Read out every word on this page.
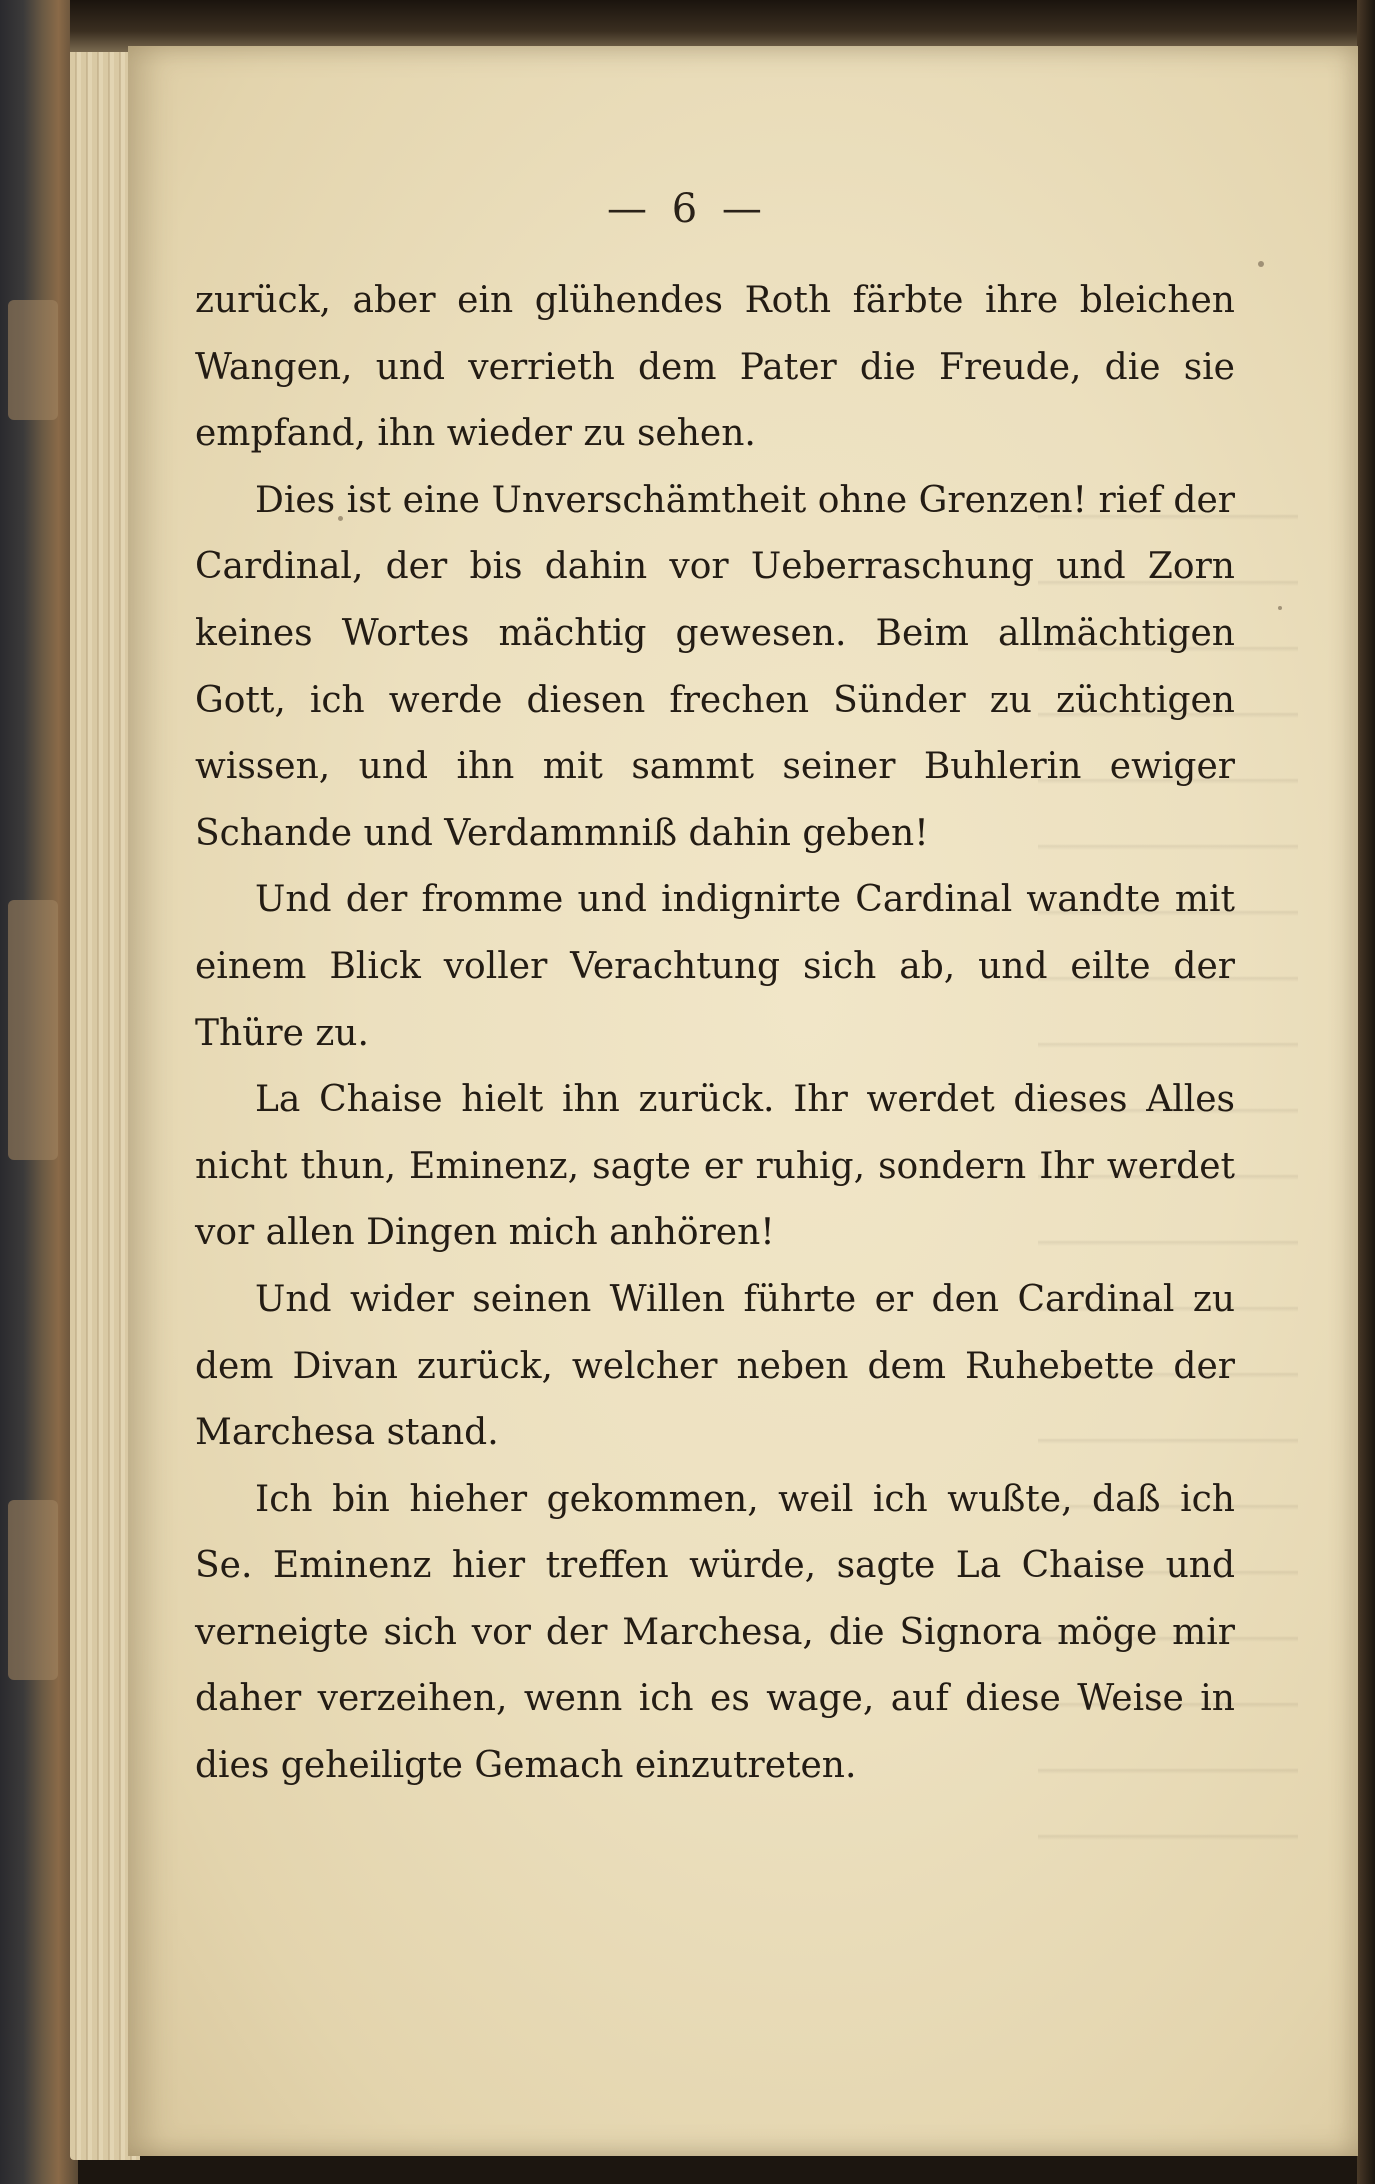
— 6 —

zurück, aber ein glühendes Roth färbte ihre bleichen Wangen, und verrieth dem Pater die Freude, die sie empfand, ihn wieder zu sehen.

Dies ist eine Unverschämtheit ohne Grenzen! rief der Cardinal, der bis dahin vor Ueberraschung und Zorn keines Wortes mächtig gewesen. Beim allmächtigen Gott, ich werde diesen frechen Sünder zu züchtigen wissen, und ihn mit sammt seiner Buhlerin ewiger Schande und Verdammniß dahin geben!

Und der fromme und indignirte Cardinal wandte mit einem Blick voller Verachtung sich ab, und eilte der Thüre zu.

La Chaise hielt ihn zurück. Ihr werdet dieses Alles nicht thun, Eminenz, sagte er ruhig, sondern Ihr werdet vor allen Dingen mich anhören!

Und wider seinen Willen führte er den Cardinal zu dem Divan zurück, welcher neben dem Ruhebette der Marchesa stand.

Ich bin hieher gekommen, weil ich wußte, daß ich Se. Eminenz hier treffen würde, sagte La Chaise und verneigte sich vor der Marchesa, die Signora möge mir daher verzeihen, wenn ich es wage, auf diese Weise in dies geheiligte Gemach einzutreten.
